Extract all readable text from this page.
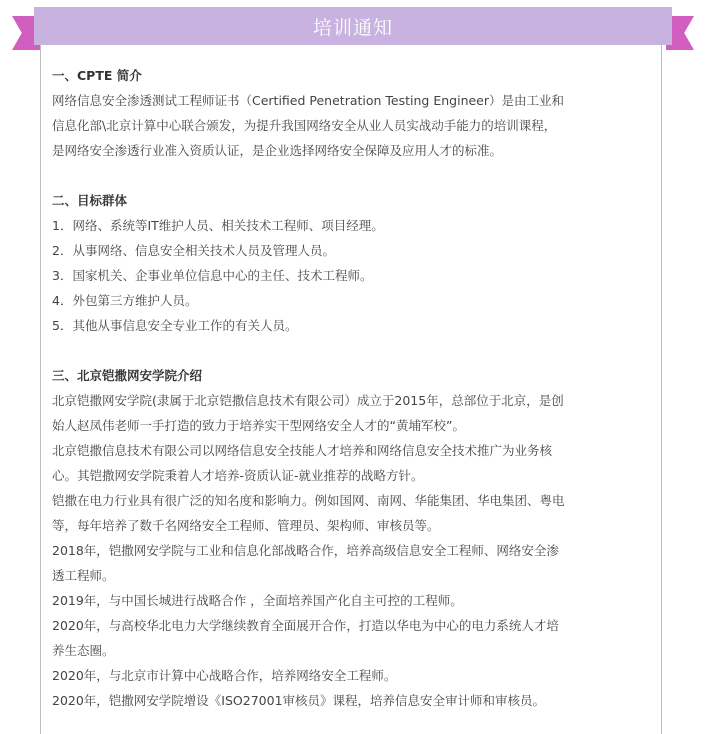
培训通知

一、CPTE 简介

网络信息安全渗透测试工程师证书（Certified Penetration Testing Engineer）是由工业和

信息化部\北京计算中心联合颁发，为提升我国网络安全从业人员实战动手能力的培训课程，

是网络安全渗透行业准入资质认证，是企业选择网络安全保障及应用人才的标准。

二、目标群体

1．网络、系统等IT维护人员、相关技术工程师、项目经理。

2．从事网络、信息安全相关技术人员及管理人员。

3．国家机关、企事业单位信息中心的主任、技术工程师。

4．外包第三方维护人员。

5．其他从事信息安全专业工作的有关人员。

三、北京铠撒网安学院介绍

北京铠撒网安学院(隶属于北京铠撒信息技术有限公司）成立于2015年，总部位于北京，是创

始人赵凤伟老师一手打造的致力于培养实干型网络安全人才的“黄埔军校”。

北京铠撒信息技术有限公司以网络信息安全技能人才培养和网络信息安全技术推广为业务核

心。其铠撒网安学院秉着人才培养-资质认证-就业推荐的战略方针。

铠撒在电力行业具有很广泛的知名度和影响力。例如国网、南网、华能集团、华电集团、粤电

等，每年培养了数千名网络安全工程师、管理员、架构师、审核员等。

2018年，铠撒网安学院与工业和信息化部战略合作，培养高级信息安全工程师、网络安全渗

透工程师。

2019年，与中国长城进行战略合作 ，全面培养国产化自主可控的工程师。

2020年，与高校华北电力大学继续教育全面展开合作，打造以华电为中心的电力系统人才培

养生态圈。

2020年，与北京市计算中心战略合作，培养网络安全工程师。

2020年，铠撒网安学院增设《ISO27001审核员》课程，培养信息安全审计师和审核员。
